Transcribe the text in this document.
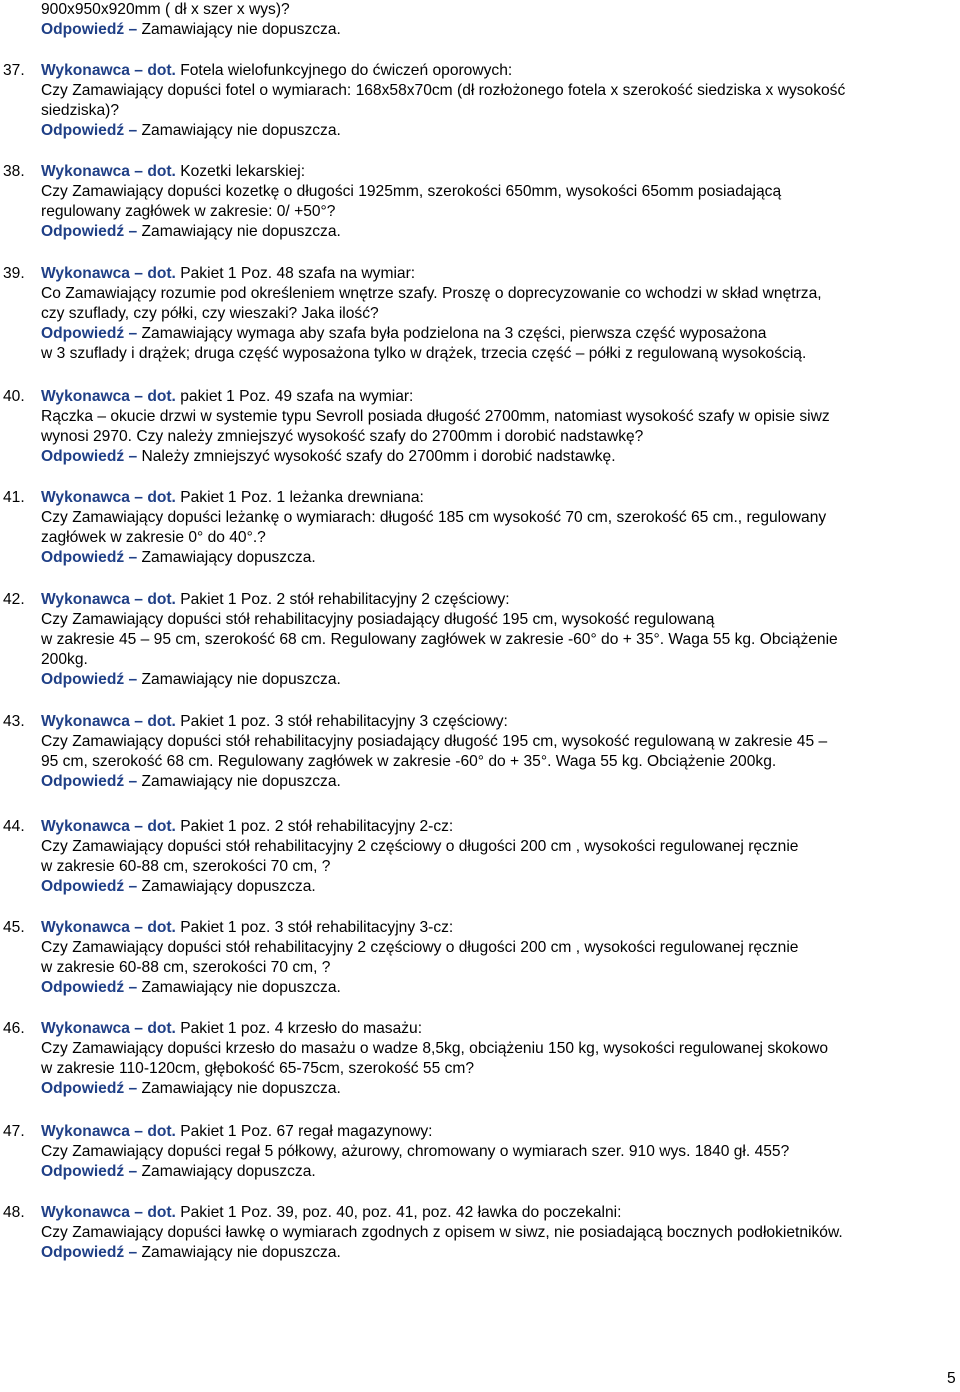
900x950x920mm ( dł x szer x wys)?
Odpowiedź – Zamawiający nie dopuszcza.
37. Wykonawca – dot. Fotela wielofunkcyjnego do ćwiczeń oporowych:
Czy Zamawiający dopuści fotel o wymiarach: 168x58x70cm (dł rozłożonego fotela x szerokość siedziska x wysokość
siedziska)?
Odpowiedź – Zamawiający nie dopuszcza.
38. Wykonawca – dot. Kozetki lekarskiej:
Czy Zamawiający dopuści kozetkę o długości 1925mm, szerokości 650mm, wysokości 65omm posiadającą
regulowany zagłówek w zakresie: 0/ +50°?
Odpowiedź – Zamawiający nie dopuszcza.
39. Wykonawca – dot. Pakiet 1 Poz. 48 szafa na wymiar:
Co Zamawiający rozumie pod określeniem wnętrze szafy. Proszę o doprecyzowanie co wchodzi w skład wnętrza,
czy szuflady, czy półki, czy wieszaki? Jaka ilość?
Odpowiedź – Zamawiający wymaga aby szafa była podzielona na 3 części, pierwsza część wyposażona
w 3 szuflady i drążek; druga część wyposażona tylko w drążek, trzecia część – półki z regulowaną wysokością.
40. Wykonawca – dot. pakiet 1 Poz. 49 szafa na wymiar:
Rączka – okucie drzwi w systemie typu Sevroll posiada długość 2700mm, natomiast wysokość szafy w opisie siwz
wynosi 2970. Czy należy zmniejszyć wysokość szafy do 2700mm i dorobić nadstawkę?
Odpowiedź – Należy zmniejszyć wysokość szafy do 2700mm i dorobić nadstawkę.
41. Wykonawca – dot. Pakiet 1 Poz. 1 leżanka drewniana:
Czy Zamawiający dopuści leżankę o wymiarach: długość 185 cm wysokość 70 cm, szerokość 65 cm., regulowany
zagłówek w zakresie 0° do 40°.?
Odpowiedź – Zamawiający dopuszcza.
42. Wykonawca – dot. Pakiet 1 Poz. 2 stół rehabilitacyjny 2 częściowy:
Czy Zamawiający dopuści stół rehabilitacyjny posiadający długość 195 cm, wysokość regulowaną
w zakresie 45 – 95 cm, szerokość 68 cm. Regulowany zagłówek w zakresie -60° do + 35°. Waga 55 kg. Obciążenie
200kg.
Odpowiedź – Zamawiający nie dopuszcza.
43. Wykonawca – dot. Pakiet 1 poz. 3 stół rehabilitacyjny 3 częściowy:
Czy Zamawiający dopuści stół rehabilitacyjny posiadający długość 195 cm, wysokość regulowaną w zakresie 45 –
95 cm, szerokość 68 cm. Regulowany zagłówek w zakresie -60° do + 35°. Waga 55 kg. Obciążenie 200kg.
Odpowiedź – Zamawiający nie dopuszcza.
44. Wykonawca – dot. Pakiet 1 poz. 2 stół rehabilitacyjny 2-cz:
Czy Zamawiający dopuści stół rehabilitacyjny 2 częściowy o długości 200 cm , wysokości regulowanej ręcznie
w zakresie 60-88 cm, szerokości 70 cm, ?
Odpowiedź – Zamawiający dopuszcza.
45. Wykonawca – dot. Pakiet 1 poz. 3 stół rehabilitacyjny 3-cz:
Czy Zamawiający dopuści stół rehabilitacyjny 2 częściowy o długości 200 cm , wysokości regulowanej ręcznie
w zakresie 60-88 cm, szerokości 70 cm, ?
Odpowiedź – Zamawiający nie dopuszcza.
46. Wykonawca – dot. Pakiet 1 poz. 4 krzesło do masażu:
Czy Zamawiający dopuści krzesło do masażu o wadze 8,5kg, obciążeniu 150 kg, wysokości regulowanej skokowo
w zakresie 110-120cm, głębokość 65-75cm, szerokość 55 cm?
Odpowiedź – Zamawiający nie dopuszcza.
47. Wykonawca – dot. Pakiet 1 Poz. 67 regał magazynowy:
Czy Zamawiający dopuści regał 5 półkowy, ażurowy, chromowany o wymiarach szer. 910 wys. 1840 gł. 455?
Odpowiedź – Zamawiający dopuszcza.
48. Wykonawca – dot. Pakiet 1 Poz. 39, poz. 40, poz. 41, poz. 42 ławka do poczekalni:
Czy Zamawiający dopuści ławkę o wymiarach zgodnych z opisem w siwz, nie posiadającą bocznych podłokietników.
Odpowiedź – Zamawiający nie dopuszcza.
5
